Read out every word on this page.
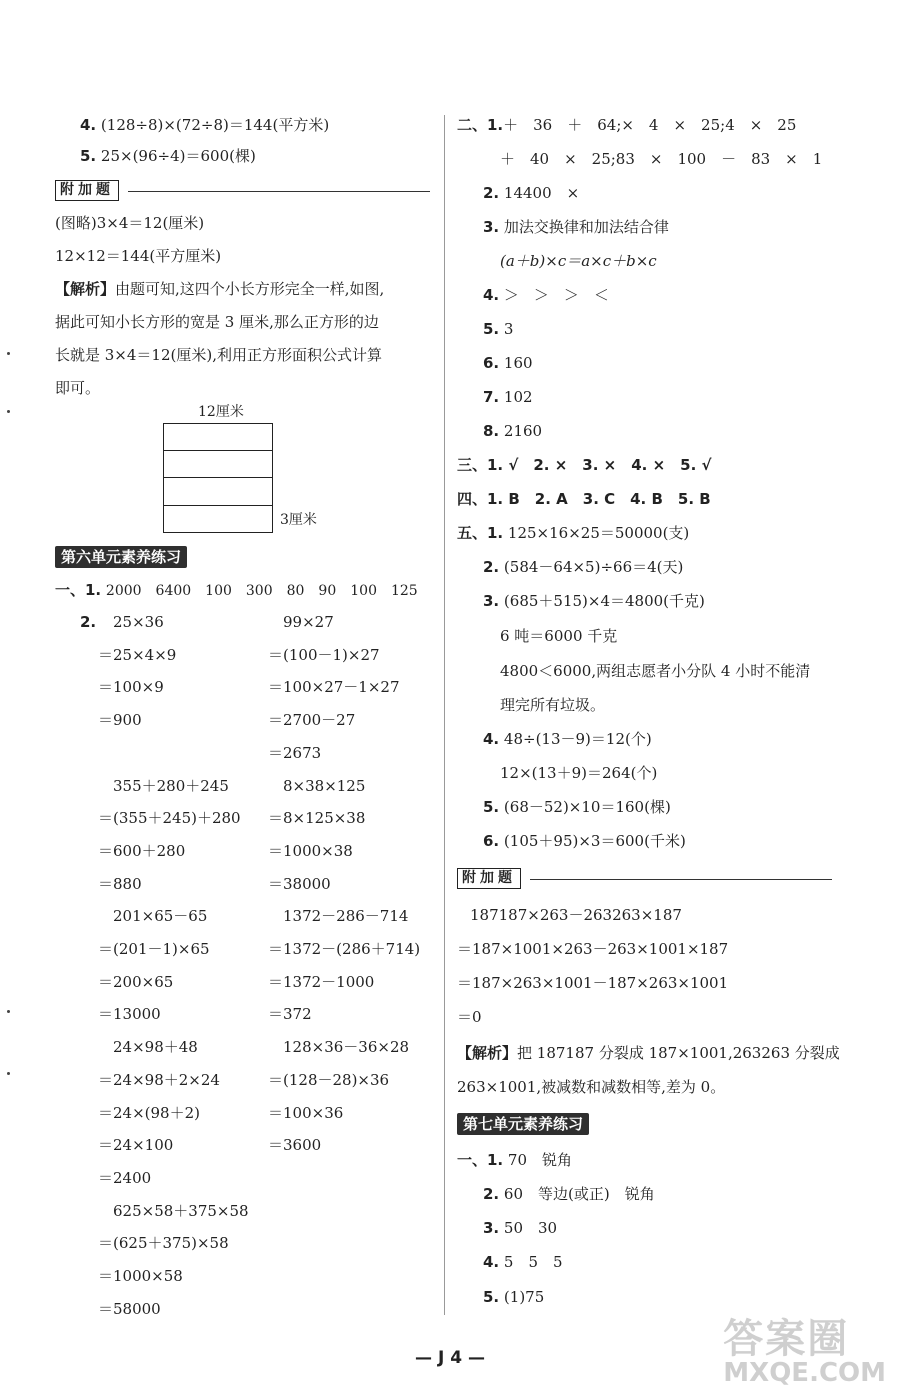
4. (128÷8)×(72÷8)＝144(平方米)
5. 25×(96÷4)＝600(棵)
附加题
(图略)3×4＝12(厘米)
12×12＝144(平方厘米)
【解析】由题可知,这四个小长方形完全一样,如图,
据此可知小长方形的宽是 3 厘米,那么正方形的边
长就是 3×4＝12(厘米),利用正方形面积公式计算
即可。
12厘米
3厘米
第六单元素养练习
一、1. 2000　6400　100　300　80　90　100　125
2. 25×36
＝25×4×9
＝100×9
＝900
355＋280＋245
＝(355＋245)＋280
＝600＋280
＝880
201×65－65
＝(201－1)×65
＝200×65
＝13000
24×98＋48
＝24×98＋2×24
＝24×(98＋2)
＝24×100
＝2400
625×58＋375×58
＝(625＋375)×58
＝1000×58
＝58000
99×27
＝(100－1)×27
＝100×27－1×27
＝2700－27
＝2673
8×38×125
＝8×125×38
＝1000×38
＝38000
1372－286－714
＝1372－(286＋714)
＝1372－1000
＝372
128×36－36×28
＝(128－28)×36
＝100×36
＝3600
二、1.＋　36　＋　64;×　4　×　25;4　×　25
＋　40　×　25;83　×　100　－　83　×　1
2. 14400　×
3. 加法交换律和加法结合律
(a＋b)×c＝a×c＋b×c
4. ＞　＞　＞　＜
5. 3
6. 160
7. 102
8. 2160
三、1. √　2. ×　3. ×　4. ×　5. √
四、1. B　2. A　3. C　4. B　5. B
五、1. 125×16×25＝50000(支)
2. (584－64×5)÷66＝4(天)
3. (685＋515)×4＝4800(千克)
6 吨＝6000 千克
4800＜6000,两组志愿者小分队 4 小时不能清
理完所有垃圾。
4. 48÷(13－9)＝12(个)
12×(13＋9)＝264(个)
5. (68－52)×10＝160(棵)
6. (105＋95)×3＝600(千米)
附加题
187187×263－263263×187
＝187×1001×263－263×1001×187
＝187×263×1001－187×263×1001
＝0
【解析】把 187187 分裂成 187×1001,263263 分裂成
263×1001,被减数和减数相等,差为 0。
第七单元素养练习
一、1. 70　锐角
2. 60　等边(或正)　锐角
3. 50　30
4. 5　5　5
5. (1)75
— J 4 —	答案圈
MXQE.COM
